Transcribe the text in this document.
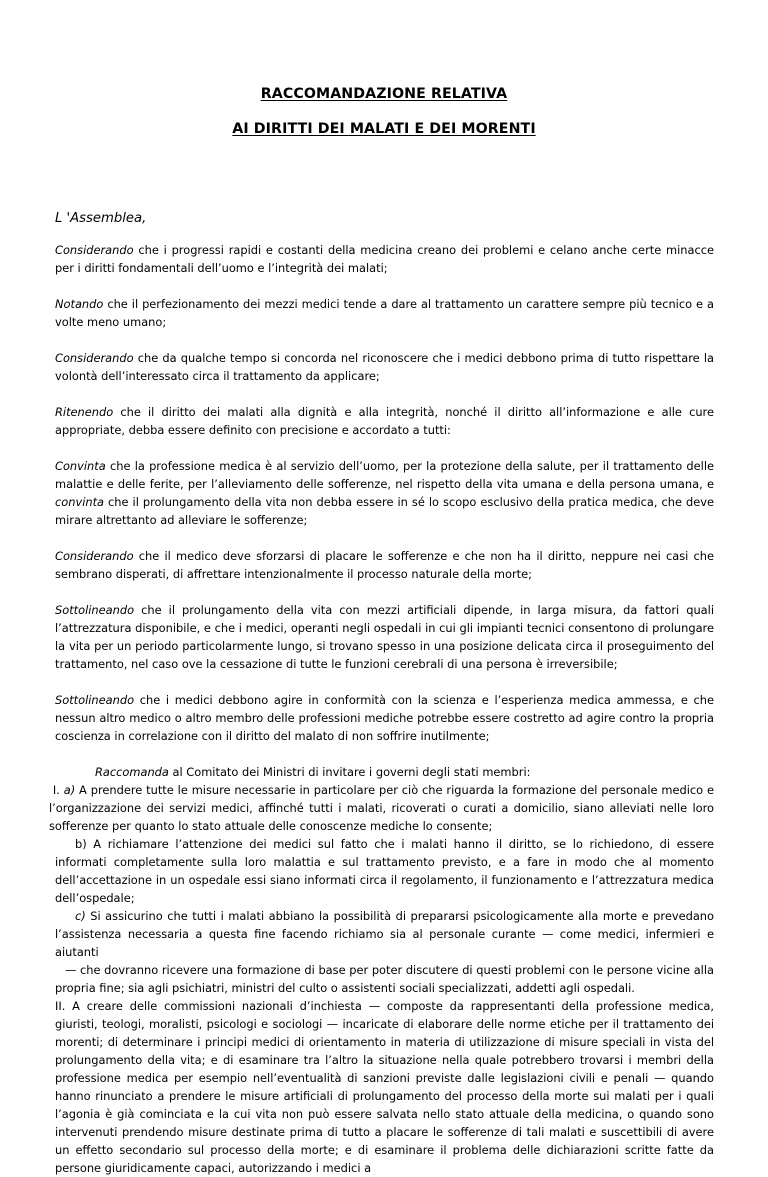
RACCOMANDAZIONE RELATIVA
AI DIRITTI DEI MALATI E DEI MORENTI

L 'Assemblea,

Considerando che i progressi rapidi e costanti della medicina creano dei problemi e celano anche certe minacce per i diritti fondamentali dell’uomo e l’integrità dei malati;

Notando che il perfezionamento dei mezzi medici tende a dare al trattamento un carattere sempre più tecnico e a volte meno umano;

Considerando che da qualche tempo si concorda nel riconoscere che i medici debbono prima di tutto rispettare la volontà dell’interessato circa il trattamento da applicare;

Ritenendo che il diritto dei malati alla dignità e alla integrità, nonché il diritto all’informazione e alle cure appropriate, debba essere definito con precisione e accordato a tutti:

Convinta che la professione medica è al servizio dell’uomo, per la protezione della salute, per il trattamento delle malattie e delle ferite, per l’alleviamento delle sofferenze, nel rispetto della vita umana e della persona umana, e convinta che il prolungamento della vita non debba essere in sé lo scopo esclusivo della pratica medica, che deve mirare altrettanto ad alleviare le sofferenze;

Considerando che il medico deve sforzarsi di placare le sofferenze e che non ha il diritto, neppure nei casi che sembrano disperati, di affrettare intenzionalmente il processo naturale della morte;

Sottolineando che il prolungamento della vita con mezzi artificiali dipende, in larga misura, da fattori quali l’attrezzatura disponibile, e che i medici, operanti negli ospedali in cui gli impianti tecnici consentono di prolungare la vita per un periodo particolarmente lungo, si trovano spesso in una posizione delicata circa il proseguimento del trattamento, nel caso ove la cessazione di tutte le funzioni cerebrali di una persona è irreversibile;

Sottolineando che i medici debbono agire in conformità con la scienza e l’esperienza medica ammessa, e che nessun altro medico o altro membro delle professioni mediche potrebbe essere costretto ad agire contro la propria coscienza in correlazione con il diritto del malato di non soffrire inutilmente;

Raccomanda al Comitato dei Ministri di invitare i governi degli stati membri:

I. a) A prendere tutte le misure necessarie in particolare per ciò che riguarda la formazione del personale medico e l’organizzazione dei servizi medici, affinché tutti i malati, ricoverati o curati a domicilio, siano alleviati nelle loro sofferenze per quanto lo stato attuale delle conoscenze mediche lo consente;

b) A richiamare l’attenzione dei medici sul fatto che i malati hanno il diritto, se lo richiedono, di essere informati completamente sulla loro malattia e sul trattamento previsto, e a fare in modo che al momento dell’accettazione in un ospedale essi siano informati circa il regolamento, il funzionamento e l’attrezzatura medica dell’ospedale;

c) Si assicurino che tutti i malati abbiano la possibilità di prepararsi psicologicamente alla morte e prevedano l’assistenza necessaria a questa fine facendo richiamo sia al personale curante — come medici, infermieri e aiutanti

— che dovranno ricevere una formazione di base per poter discutere di questi problemi con le persone vicine alla propria fine; sia agli psichiatri, ministri del culto o assistenti sociali specializzati, addetti agli ospedali.

II. A creare delle commissioni nazionali d’inchiesta — composte da rappresentanti della professione medica, giuristi, teologi, moralisti, psicologi e sociologi — incaricate di elaborare delle norme etiche per il trattamento dei morenti; di determinare i principi medici di orientamento in materia di utilizzazione di misure speciali in vista del prolungamento della vita; e di esaminare tra l’altro la situazione nella quale potrebbero trovarsi i membri della professione medica per esempio nell’eventualità di sanzioni previste dalle legislazioni civili e penali — quando hanno rinunciato a prendere le misure artificiali di prolungamento del processo della morte sui malati per i quali l’agonia è già cominciata e la cui vita non può essere salvata nello stato attuale della medicina, o quando sono intervenuti prendendo misure destinate prima di tutto a placare le sofferenze di tali malati e suscettibili di avere un effetto secondario sul processo della morte; e di esaminare il problema delle dichiarazioni scritte fatte da persone giuridicamente capaci, autorizzando i medici a
